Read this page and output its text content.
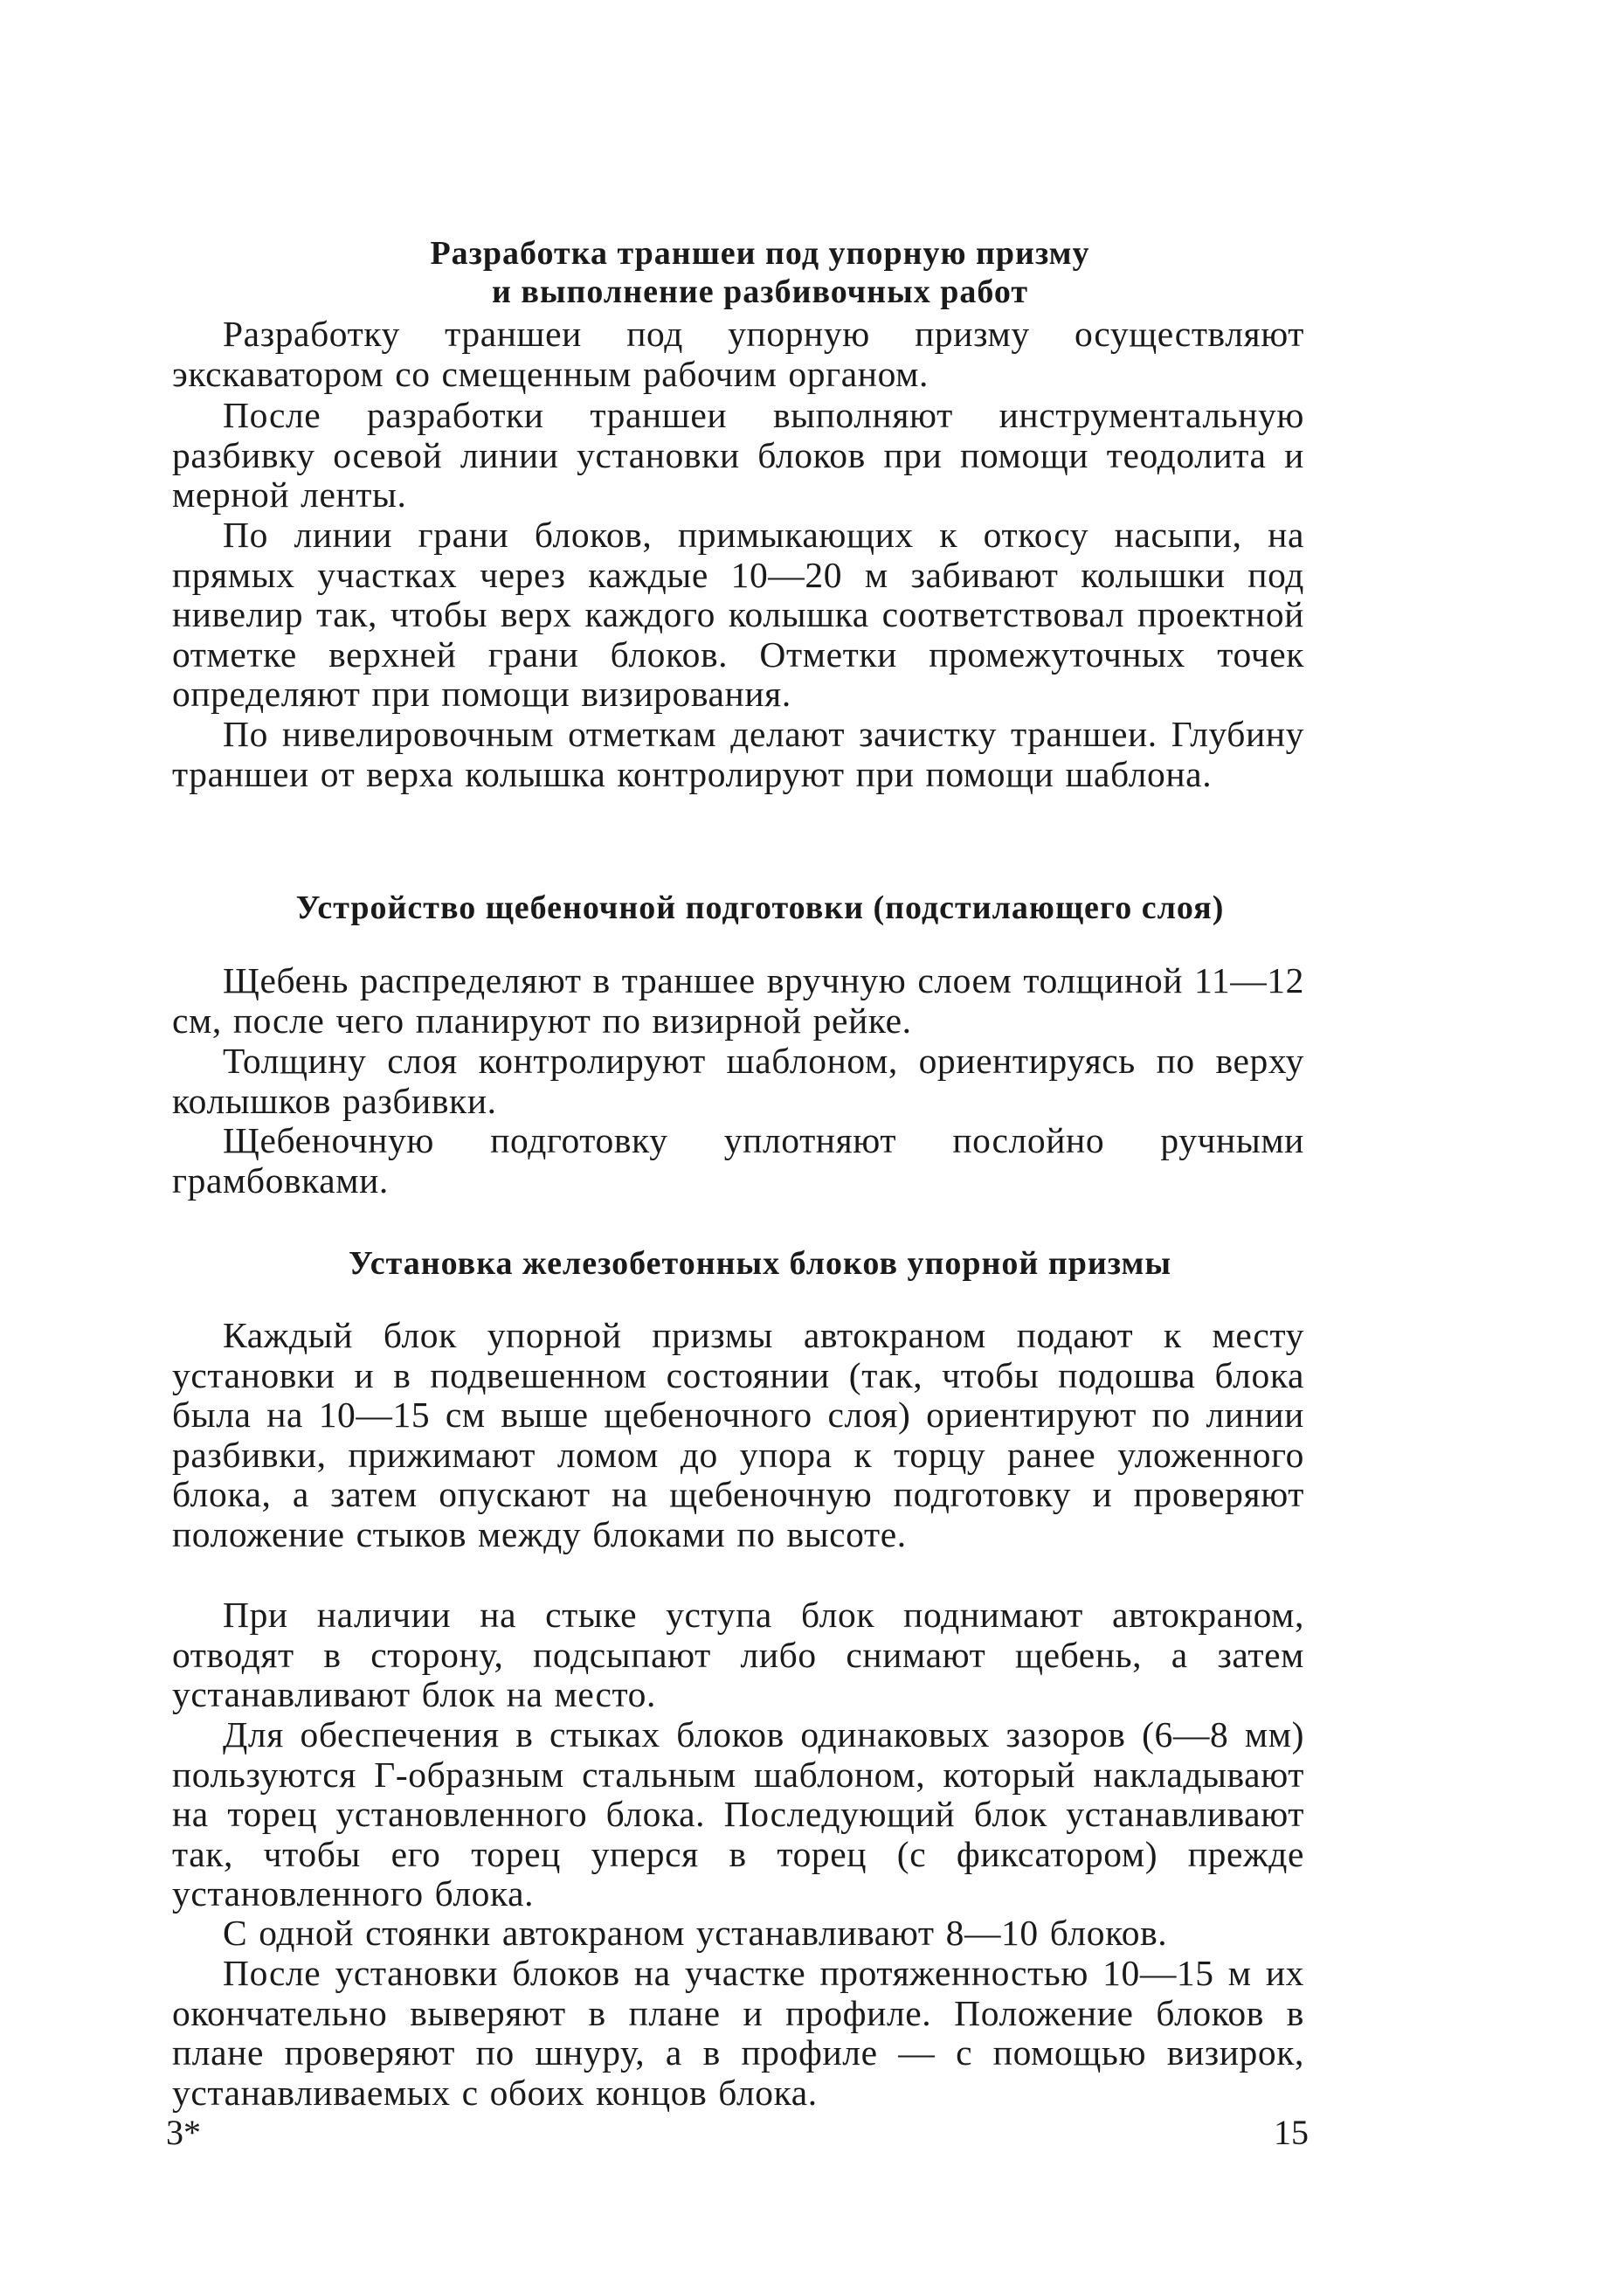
Разработка траншеи под упорную призму
и выполнение разбивочных работ

Разработку траншеи под упорную призму осуществляют экскаватором со смещенным рабочим органом.

После разработки траншеи выполняют инструментальную разбивку осевой линии установки блоков при помощи теодолита и мерной ленты.

По линии грани блоков, примыкающих к откосу насыпи, на прямых участках через каждые 10—20 м забивают колышки под нивелир так, чтобы верх каждого колышка соответствовал проектной отметке верхней грани блоков. Отметки промежуточных точек определяют при помощи визирования.

По нивелировочным отметкам делают зачистку траншеи. Глубину траншеи от верха колышка контролируют при помощи шаблона.

Устройство щебеночной подготовки (подстилающего слоя)

Щебень распределяют в траншее вручную слоем толщиной 11—12 см, после чего планируют по визирной рейке.

Толщину слоя контролируют шаблоном, ориентируясь по верху колышков разбивки.

Щебеночную подготовку уплотняют послойно ручными грамбовками.

Установка железобетонных блоков упорной призмы

Каждый блок упорной призмы автокраном подают к месту установки и в подвешенном состоянии (так, чтобы подошва блока была на 10—15 см выше щебеночного слоя) ориентируют по линии разбивки, прижимают ломом до упора к торцу ранее уложенного блока, а затем опускают на щебеночную подготовку и проверяют положение стыков между блоками по высоте.

При наличии на стыке уступа блок поднимают автокраном, отводят в сторону, подсыпают либо снимают щебень, а затем устанавливают блок на место.

Для обеспечения в стыках блоков одинаковых зазоров (6—8 мм) пользуются Г-образным стальным шаблоном, который накладывают на торец установленного блока. Последующий блок устанавливают так, чтобы его торец уперся в торец (с фиксатором) прежде установленного блока.

С одной стоянки автокраном устанавливают 8—10 блоков.

После установки блоков на участке протяженностью 10—15 м их окончательно выверяют в плане и профиле. Положение блоков в плане проверяют по шнуру, а в профиле — с помощью визирок, устанавливаемых с обоих концов блока.

3*	15
